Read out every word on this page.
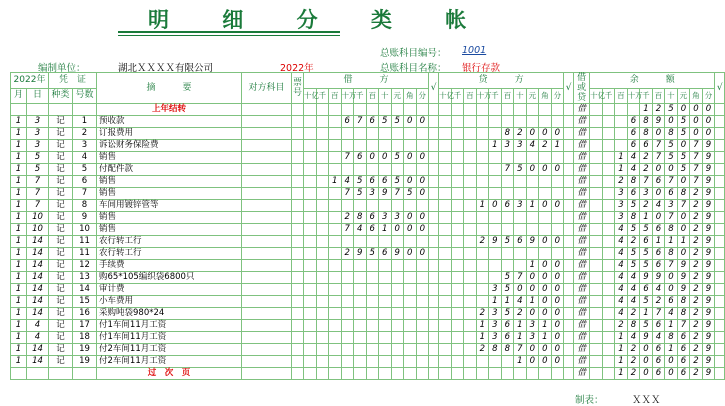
明 细 分 类 帐
总账科目编号： 1001
编制单位：	湖北ＸＸＸＸ有限公司	2022年	总账科目名称： 银行存款
2022年		凭　证		摘　　　要	对方科目	票号	借　　　方										√	贷　　　方										√	借或贷	余　　　额										√
月	日	种类	号数				十亿	千	百	十万	千	百	十	元	角	分		十亿	千	百	十万	千	百	十	元	角	分			十亿	千	百	十万	千	百	十	元	角	分	
				上年结转																									借					1	2	5	0	0	0	
1	3	记	1	预收款						6	7	6	5	5	0	0													借				6	8	9	0	5	0	0	
1	3	记	2	订报费用																			8	2	0	0	0		借				6	8	0	8	5	0	0	
1	3	记	3	诉讼财务保险费																		1	3	3	4	2	1		借				6	6	7	5	0	7	9	
1	5	记	4	销售						7	6	0	0	5	0	0													借			1	4	2	7	5	5	7	9	
1	5	记	5	付配件款																			7	5	0	0	0		借			1	4	2	0	0	5	7	9	
1	7	记	6	销售					1	4	5	6	6	5	0	0													借			2	8	7	6	7	0	7	9	
1	7	记	7	销售						7	5	3	9	7	5	0													借			3	6	3	0	6	8	2	9	
1	7	记	8	车间用镀锌管等																	1	0	6	3	1	0	0		借			3	5	2	4	3	7	2	9	
1	10	记	9	销售						2	8	6	3	3	0	0													借			3	8	1	0	7	0	2	9	
1	10	记	10	销售						7	4	6	1	0	0	0													借			4	5	5	6	8	0	2	9	
1	14	记	11	农行转工行																	2	9	5	6	9	0	0		借			4	2	6	1	1	1	2	9	
1	14	记	11	农行转工行						2	9	5	6	9	0	0													借			4	5	5	6	8	0	2	9	
1	14	记	12	手续费																					1	0	0		借			4	5	5	6	7	9	2	9	
1	14	记	13	购65*105编织袋6800只																			5	7	0	0	0		借			4	4	9	9	0	9	2	9	
1	14	记	14	审计费																		3	5	0	0	0	0		借			4	4	6	4	0	9	2	9	
1	14	记	15	小车费用																		1	1	4	1	0	0		借			4	4	5	2	6	8	2	9	
1	14	记	16	采购吨袋980*24																	2	3	5	2	0	0	0		借			4	2	1	7	4	8	2	9	
1	4	记	17	付1车间11月工资																	1	3	6	1	3	1	0		借			2	8	5	6	1	7	2	9	
1	4	记	18	付1车间11月工资																	1	3	6	1	3	1	0		借			1	4	9	4	8	6	2	9	
1	14	记	19	付2车间11月工资																	2	8	8	7	0	0	0		借			1	2	0	6	1	6	2	9	
1	14	记	19	付2车间11月工资																				1	0	0	0		借			1	2	0	6	0	6	2	9	
				过　次　页																									借			1	2	0	6	0	6	2	9	
制表：	ＸＸＸ
